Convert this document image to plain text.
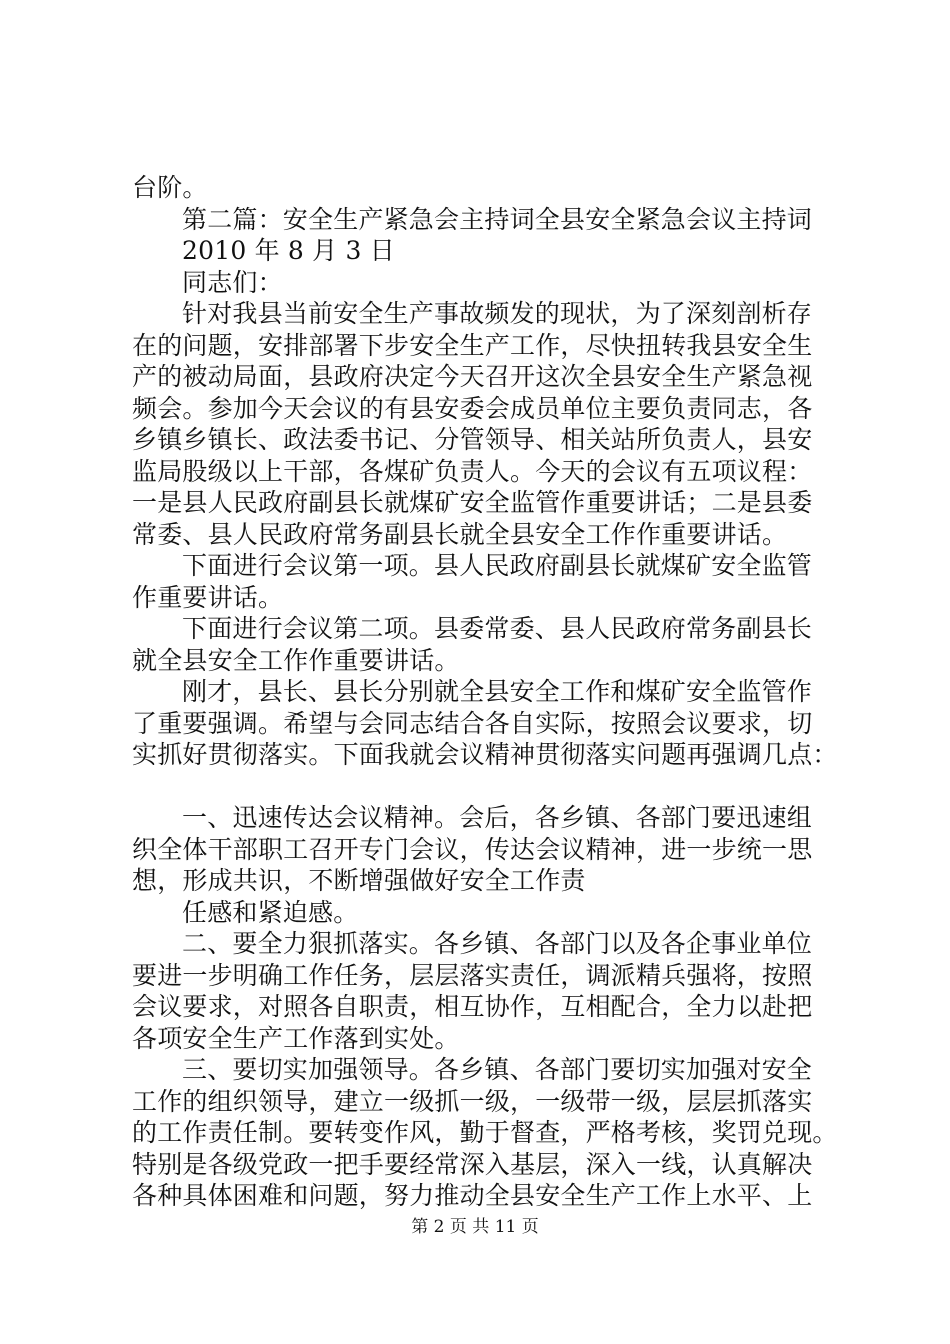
台阶。
第二篇：安全生产紧急会主持词全县安全紧急会议主持词
2010 年 8 月 3 日
同志们：
针对我县当前安全生产事故频发的现状，为了深刻剖析存
在的问题，安排部署下步安全生产工作，尽快扭转我县安全生
产的被动局面，县政府决定今天召开这次全县安全生产紧急视
频会。参加今天会议的有县安委会成员单位主要负责同志，各
乡镇乡镇长、政法委书记、分管领导、相关站所负责人，县安
监局股级以上干部，各煤矿负责人。今天的会议有五项议程：
一是县人民政府副县长就煤矿安全监管作重要讲话；二是县委
常委、县人民政府常务副县长就全县安全工作作重要讲话。
下面进行会议第一项。县人民政府副县长就煤矿安全监管
作重要讲话。
下面进行会议第二项。县委常委、县人民政府常务副县长
就全县安全工作作重要讲话。
刚才，县长、县长分别就全县安全工作和煤矿安全监管作
了重要强调。希望与会同志结合各自实际，按照会议要求，切
实抓好贯彻落实。下面我就会议精神贯彻落实问题再强调几点：
一、迅速传达会议精神。会后，各乡镇、各部门要迅速组
织全体干部职工召开专门会议，传达会议精神，进一步统一思
想，形成共识，不断增强做好安全工作责
任感和紧迫感。
二、要全力狠抓落实。各乡镇、各部门以及各企事业单位
要进一步明确工作任务，层层落实责任，调派精兵强将，按照
会议要求，对照各自职责，相互协作，互相配合，全力以赴把
各项安全生产工作落到实处。
三、要切实加强领导。各乡镇、各部门要切实加强对安全
工作的组织领导，建立一级抓一级，一级带一级，层层抓落实
的工作责任制。要转变作风，勤于督查，严格考核，奖罚兑现。
特别是各级党政一把手要经常深入基层，深入一线，认真解决
各种具体困难和问题，努力推动全县安全生产工作上水平、上
第 2 页 共 11 页
